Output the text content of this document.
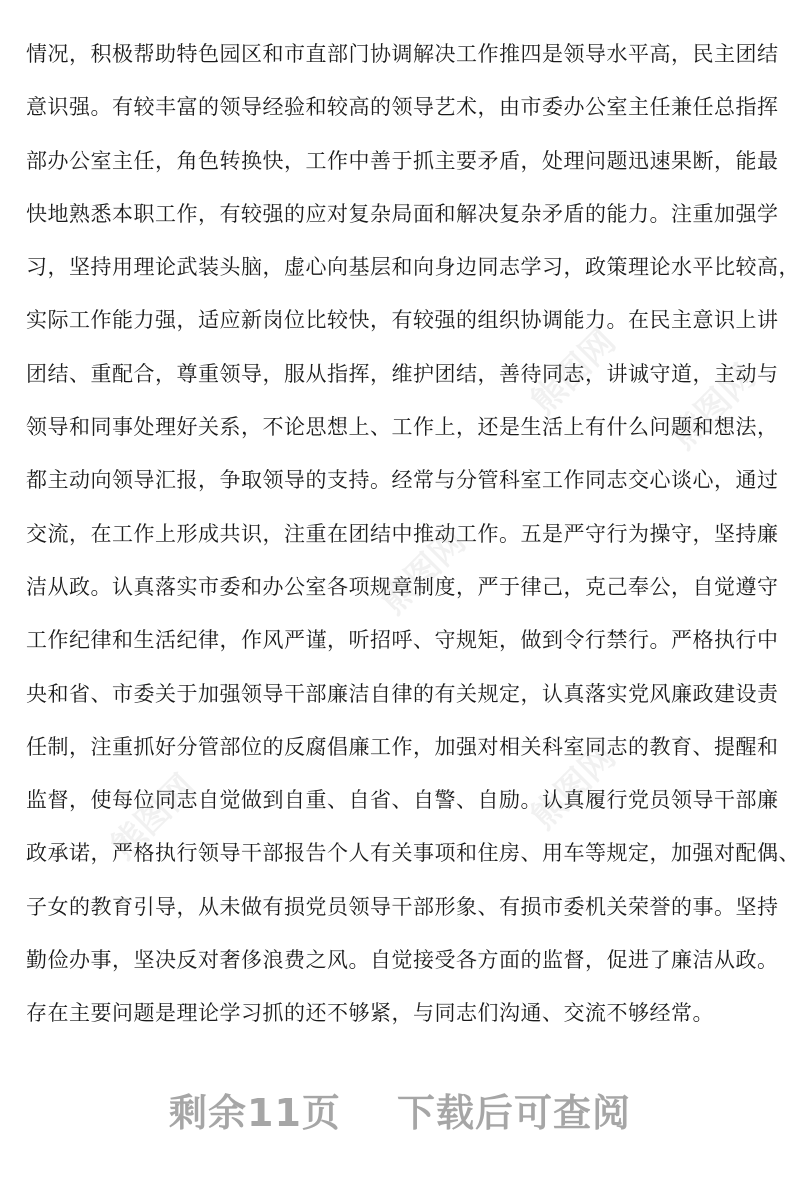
熊图网 熊图网
熊图网
熊图网
熊图网
情况，积极帮助特色园区和市直部门协调解决工作推四是领导水平高，民主团结
意识强。有较丰富的领导经验和较高的领导艺术，由市委办公室主任兼任总指挥
部办公室主任，角色转换快，工作中善于抓主要矛盾，处理问题迅速果断，能最
快地熟悉本职工作，有较强的应对复杂局面和解决复杂矛盾的能力。注重加强学
习，坚持用理论武装头脑，虚心向基层和向身边同志学习，政策理论水平比较高，
实际工作能力强，适应新岗位比较快，有较强的组织协调能力。在民主意识上讲
团结、重配合，尊重领导，服从指挥，维护团结，善待同志，讲诚守道，主动与
领导和同事处理好关系，不论思想上、工作上，还是生活上有什么问题和想法，
都主动向领导汇报，争取领导的支持。经常与分管科室工作同志交心谈心，通过
交流，在工作上形成共识，注重在团结中推动工作。五是严守行为操守，坚持廉
洁从政。认真落实市委和办公室各项规章制度，严于律己，克己奉公，自觉遵守
工作纪律和生活纪律，作风严谨，听招呼、守规矩，做到令行禁行。严格执行中
央和省、市委关于加强领导干部廉洁自律的有关规定，认真落实党风廉政建设责
任制，注重抓好分管部位的反腐倡廉工作，加强对相关科室同志的教育、提醒和
监督，使每位同志自觉做到自重、自省、自警、自励。认真履行党员领导干部廉
政承诺，严格执行领导干部报告个人有关事项和住房、用车等规定，加强对配偶、
子女的教育引导，从未做有损党员领导干部形象、有损市委机关荣誉的事。坚持
勤俭办事，坚决反对奢侈浪费之风。自觉接受各方面的监督，促进了廉洁从政。
存在主要问题是理论学习抓的还不够紧，与同志们沟通、交流不够经常。
剩余11页 下载后可查阅
